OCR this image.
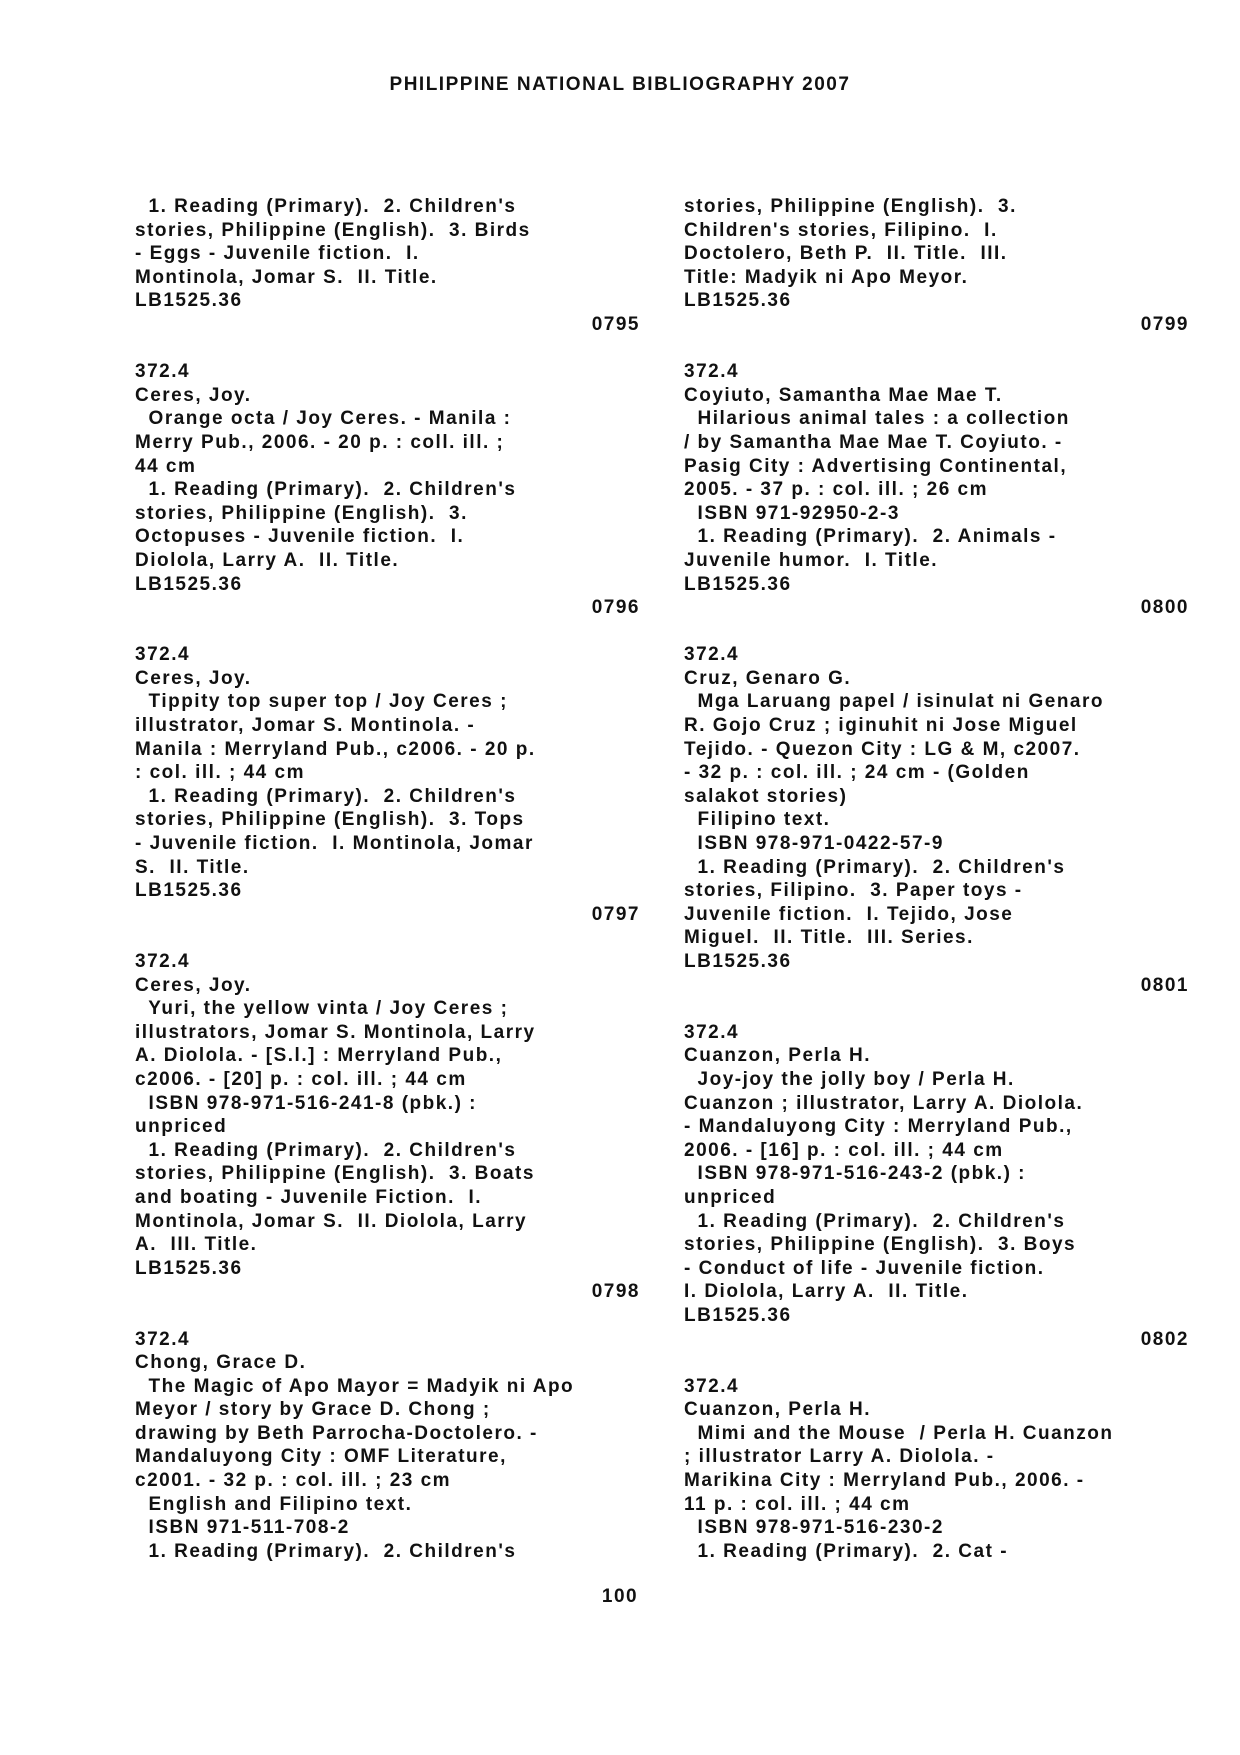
PHILIPPINE NATIONAL BIBLIOGRAPHY 2007
1. Reading (Primary).  2. Children's
stories, Philippine (English).  3. Birds
- Eggs - Juvenile fiction.  I.
Montinola, Jomar S.  II. Title.
LB1525.36
0795

372.4
Ceres, Joy.
Orange octa / Joy Ceres. - Manila :
Merry Pub., 2006. - 20 p. : coll. ill. ;
44 cm
1. Reading (Primary).  2. Children's
stories, Philippine (English).  3.
Octopuses - Juvenile fiction.  I.
Diolola, Larry A.  II. Title.
LB1525.36
0796

372.4
Ceres, Joy.
Tippity top super top / Joy Ceres ;
illustrator, Jomar S. Montinola. -
Manila : Merryland Pub., c2006. - 20 p.
: col. ill. ; 44 cm
1. Reading (Primary).  2. Children's
stories, Philippine (English).  3. Tops
- Juvenile fiction.  I. Montinola, Jomar
S.  II. Title.
LB1525.36
0797

372.4
Ceres, Joy.
Yuri, the yellow vinta / Joy Ceres ;
illustrators, Jomar S. Montinola, Larry
A. Diolola. - [S.l.] : Merryland Pub.,
c2006. - [20] p. : col. ill. ; 44 cm
ISBN 978-971-516-241-8 (pbk.) :
unpriced
1. Reading (Primary).  2. Children's
stories, Philippine (English).  3. Boats
and boating - Juvenile Fiction.  I.
Montinola, Jomar S.  II. Diolola, Larry
A.  III. Title.
LB1525.36
0798

372.4
Chong, Grace D.
The Magic of Apo Mayor = Madyik ni Apo
Meyor / story by Grace D. Chong ;
drawing by Beth Parrocha-Doctolero. -
Mandaluyong City : OMF Literature,
c2001. - 32 p. : col. ill. ; 23 cm
English and Filipino text.
ISBN 971-511-708-2
1. Reading (Primary).  2. Children's
stories, Philippine (English).  3.
Children's stories, Filipino.  I.
Doctolero, Beth P.  II. Title.  III.
Title: Madyik ni Apo Meyor.
LB1525.36
0799

372.4
Coyiuto, Samantha Mae Mae T.
Hilarious animal tales : a collection
/ by Samantha Mae Mae T. Coyiuto. -
Pasig City : Advertising Continental,
2005. - 37 p. : col. ill. ; 26 cm
ISBN 971-92950-2-3
1. Reading (Primary).  2. Animals -
Juvenile humor.  I. Title.
LB1525.36
0800

372.4
Cruz, Genaro G.
Mga Laruang papel / isinulat ni Genaro
R. Gojo Cruz ; iginuhit ni Jose Miguel
Tejido. - Quezon City : LG & M, c2007.
- 32 p. : col. ill. ; 24 cm - (Golden
salakot stories)
Filipino text.
ISBN 978-971-0422-57-9
1. Reading (Primary).  2. Children's
stories, Filipino.  3. Paper toys -
Juvenile fiction.  I. Tejido, Jose
Miguel.  II. Title.  III. Series.
LB1525.36
0801

372.4
Cuanzon, Perla H.
Joy-joy the jolly boy / Perla H.
Cuanzon ; illustrator, Larry A. Diolola.
- Mandaluyong City : Merryland Pub.,
2006. - [16] p. : col. ill. ; 44 cm
ISBN 978-971-516-243-2 (pbk.) :
unpriced
1. Reading (Primary).  2. Children's
stories, Philippine (English).  3. Boys
- Conduct of life - Juvenile fiction.
I. Diolola, Larry A.  II. Title.
LB1525.36
0802

372.4
Cuanzon, Perla H.
Mimi and the Mouse  / Perla H. Cuanzon
; illustrator Larry A. Diolola. -
Marikina City : Merryland Pub., 2006. -
11 p. : col. ill. ; 44 cm
ISBN 978-971-516-230-2
1. Reading (Primary).  2. Cat -
100
